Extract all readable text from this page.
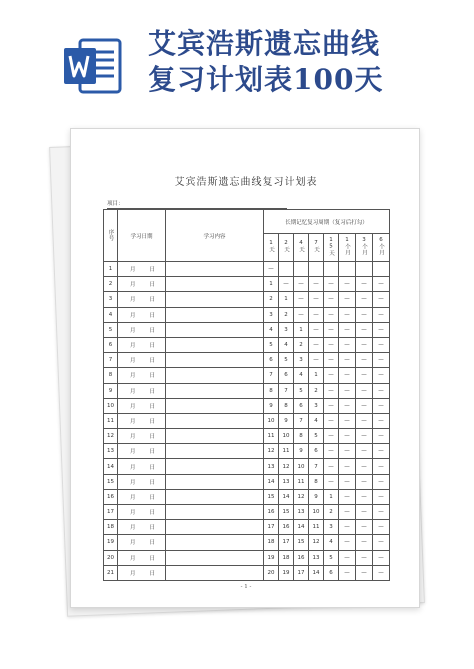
艾宾浩斯遗忘曲线
复习计划表100天
艾宾浩斯遗忘曲线复习计划表
项目：
序号	学习日期	学习内容	长期记忆复习周期（复习后打勾）							
			1天	2天	4天	7天	15天	1个月	3个月	6个月
1	月 日		—							
2	月 日		1	—	—	—	—	—	—	—
3	月 日		2	1	—	—	—	—	—	—
4	月 日		3	2	—	—	—	—	—	—
5	月 日		4	3	1	—	—	—	—	—
6	月 日		5	4	2	—	—	—	—	—
7	月 日		6	5	3	—	—	—	—	—
8	月 日		7	6	4	1	—	—	—	—
9	月 日		8	7	5	2	—	—	—	—
10	月 日		9	8	6	3	—	—	—	—
11	月 日		10	9	7	4	—	—	—	—
12	月 日		11	10	8	5	—	—	—	—
13	月 日		12	11	9	6	—	—	—	—
14	月 日		13	12	10	7	—	—	—	—
15	月 日		14	13	11	8	—	—	—	—
16	月 日		15	14	12	9	1	—	—	—
17	月 日		16	15	13	10	2	—	—	—
18	月 日		17	16	14	11	3	—	—	—
19	月 日		18	17	15	12	4	—	—	—
20	月 日		19	18	16	13	5	—	—	—
21	月 日		20	19	17	14	6	—	—	—
- 1 -
